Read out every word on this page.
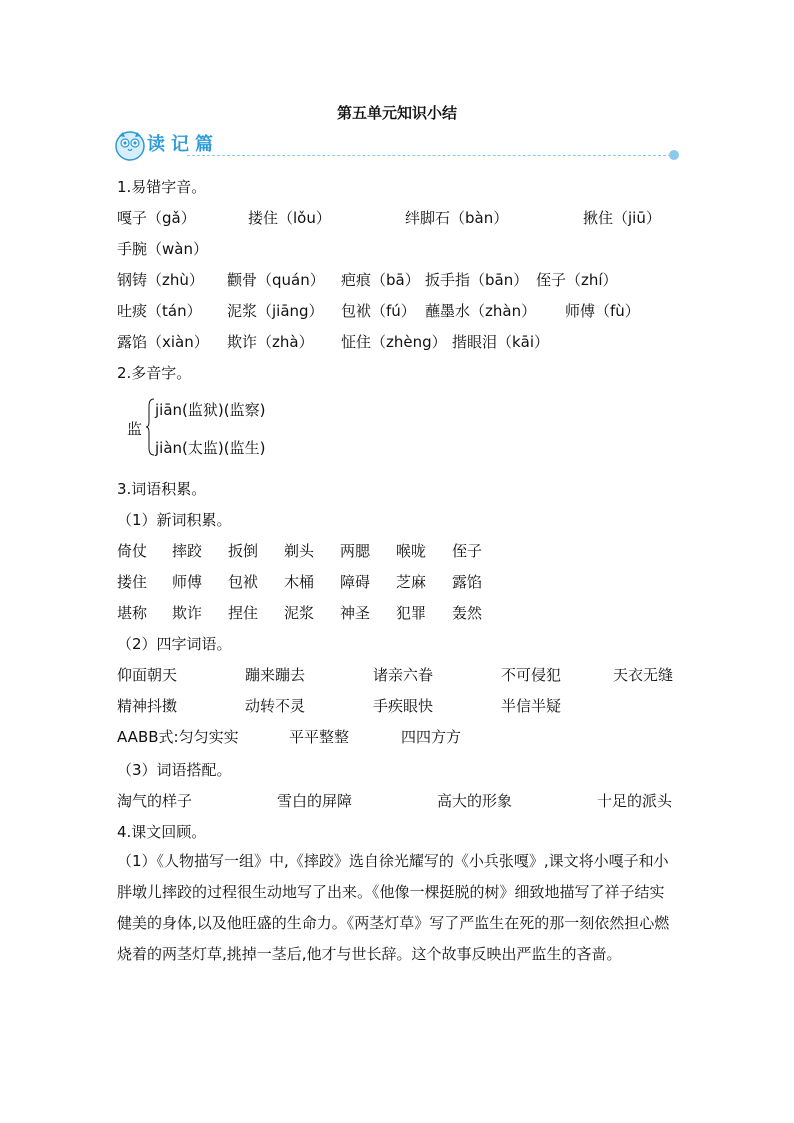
第五单元知识小结
读记篇
1.易错字音。
嘎子（gǎ）	搂住（lǒu）	绊脚石（bàn）	揪住（jiū）
手腕（wàn）
钢铸（zhù） 颧骨（quán） 疤痕（bā） 扳手指（bān） 侄子（zhí）
吐痰（tán） 泥浆（jiāng） 包袱（fú） 蘸墨水（zhàn） 师傅（fù）
露馅（xiàn） 欺诈（zhà） 怔住（zhèng） 揩眼泪（kāi）
2.多音字。
监
jiān(监狱)(监察)
jiàn(太监)(监生)
3.词语积累。
（1）新词积累。
倚仗 摔跤 扳倒 剃头 两腮 喉咙 侄子
搂住 师傅 包袱 木桶 障碍 芝麻 露馅
堪称 欺诈 捏住 泥浆 神圣 犯罪 轰然
（2）四字词语。
仰面朝天	蹦来蹦去	诸亲六眷	不可侵犯	天衣无缝
精神抖擞	动转不灵	手疾眼快	半信半疑
AABB式:匀匀实实	平平整整	四四方方
（3）词语搭配。
淘气的样子	雪白的屏障	高大的形象	十足的派头
4.课文回顾。
（1）《人物描写一组》中,《摔跤》选自徐光耀写的《小兵张嘎》,课文将小嘎子和小胖墩儿摔跤的过程很生动地写了出来。《他像一棵挺脱的树》细致地描写了祥子结实健美的身体,以及他旺盛的生命力。《两茎灯草》写了严监生在死的那一刻依然担心燃烧着的两茎灯草,挑掉一茎后,他才与世长辞。这个故事反映出严监生的吝啬。
